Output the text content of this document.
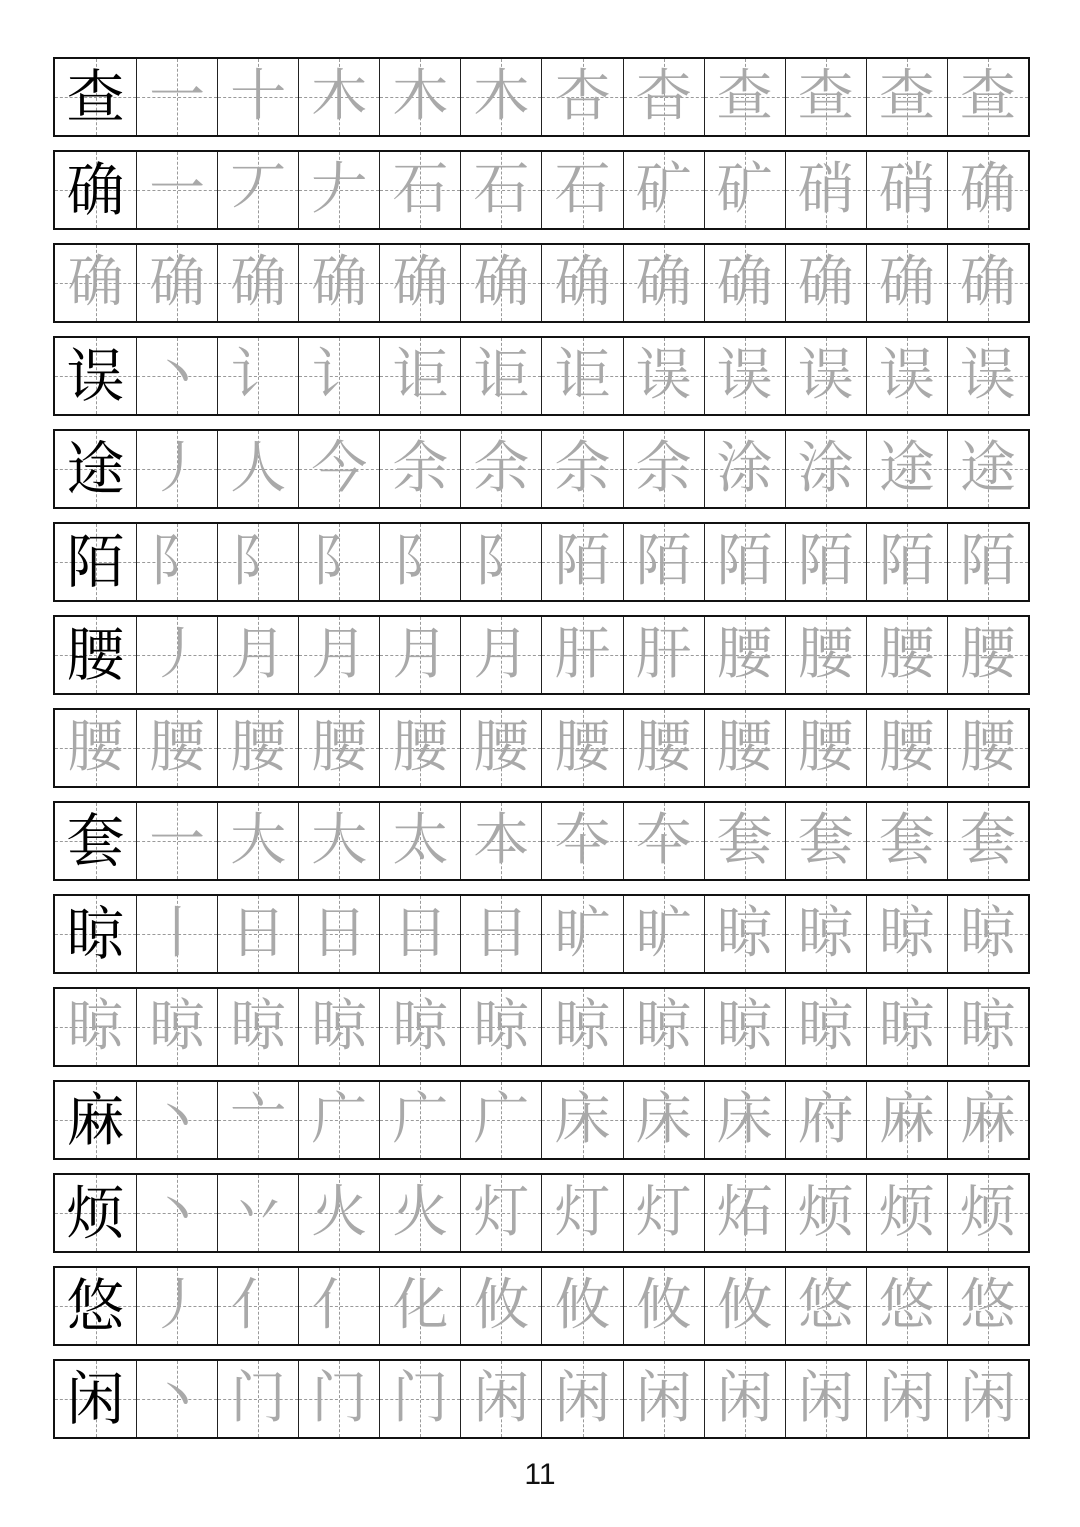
查 一 十 木 木 木 杏 杳 查 查 查 查
确 一 丆 𠂇 石 石 石 矿 矿 硝 硝 确
确 确 确 确 确 确 确 确 确 确 确 确
误 丶 讠 讠 讵 讵 讵 误 误 误 误 误
途 丿 人 今 余 余 余 余 涂 涂 途 途
陌 阝 阝 阝 阝 阝 陌 陌 陌 陌 陌 陌
腰 丿 月 月 月 月 肝 肝 腰 腰 腰 腰
腰 腰 腰 腰 腰 腰 腰 腰 腰 腰 腰 腰
套 一 大 大 太 本 夲 夲 套 套 套 套
晾 丨 日 日 日 日 旷 旷 晾 晾 晾 晾
晾 晾 晾 晾 晾 晾 晾 晾 晾 晾 晾 晾
麻 丶 亠 广 广 广 床 床 床 府 麻 麻
烦 丶 丷 火 火 灯 灯 灯 炻 烦 烦 烦
悠 丿 亻 亻 化 攸 攸 攸 攸 悠 悠 悠
闲 丶 门 门 门 闲 闲 闲 闲 闲 闲 闲
11
